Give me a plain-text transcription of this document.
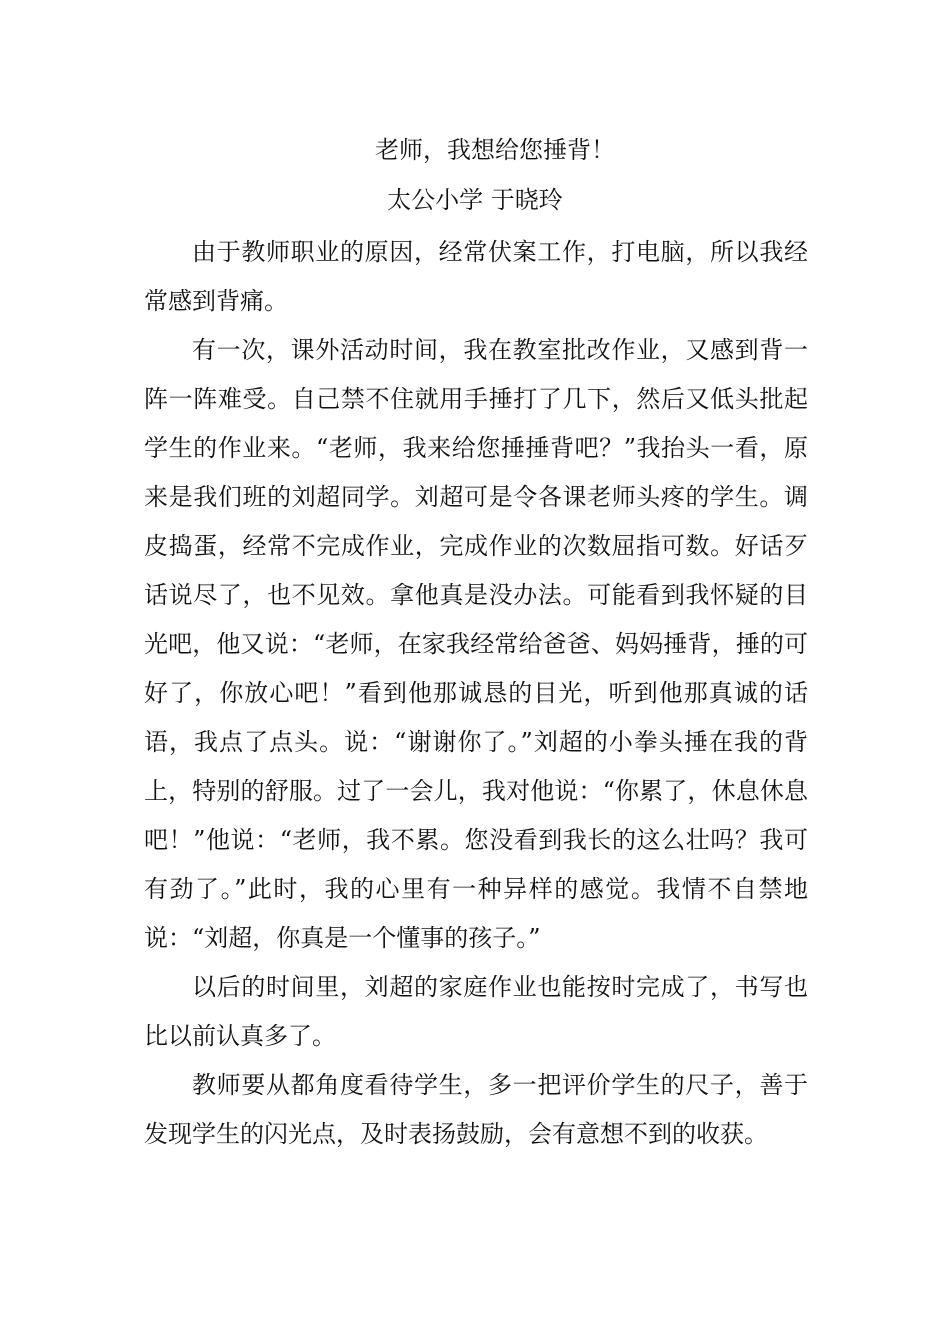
老师，我想给您捶背！
太公小学 于晓玲

由于教师职业的原因，经常伏案工作，打电脑，所以我经常感到背痛。

有一次，课外活动时间，我在教室批改作业，又感到背一阵一阵难受。自己禁不住就用手捶打了几下，然后又低头批起学生的作业来。“老师，我来给您捶捶背吧？”我抬头一看，原来是我们班的刘超同学。刘超可是令各课老师头疼的学生。调皮捣蛋，经常不完成作业，完成作业的次数屈指可数。好话歹话说尽了，也不见效。拿他真是没办法。可能看到我怀疑的目光吧，他又说：“老师，在家我经常给爸爸、妈妈捶背，捶的可好了，你放心吧！”看到他那诚恳的目光，听到他那真诚的话语，我点了点头。说：“谢谢你了。”刘超的小拳头捶在我的背上，特别的舒服。过了一会儿，我对他说：“你累了，休息休息吧！”他说：“老师，我不累。您没看到我长的这么壮吗？我可有劲了。”此时，我的心里有一种异样的感觉。我情不自禁地说：“刘超，你真是一个懂事的孩子。”

以后的时间里，刘超的家庭作业也能按时完成了，书写也比以前认真多了。

教师要从都角度看待学生，多一把评价学生的尺子，善于发现学生的闪光点，及时表扬鼓励，会有意想不到的收获。
